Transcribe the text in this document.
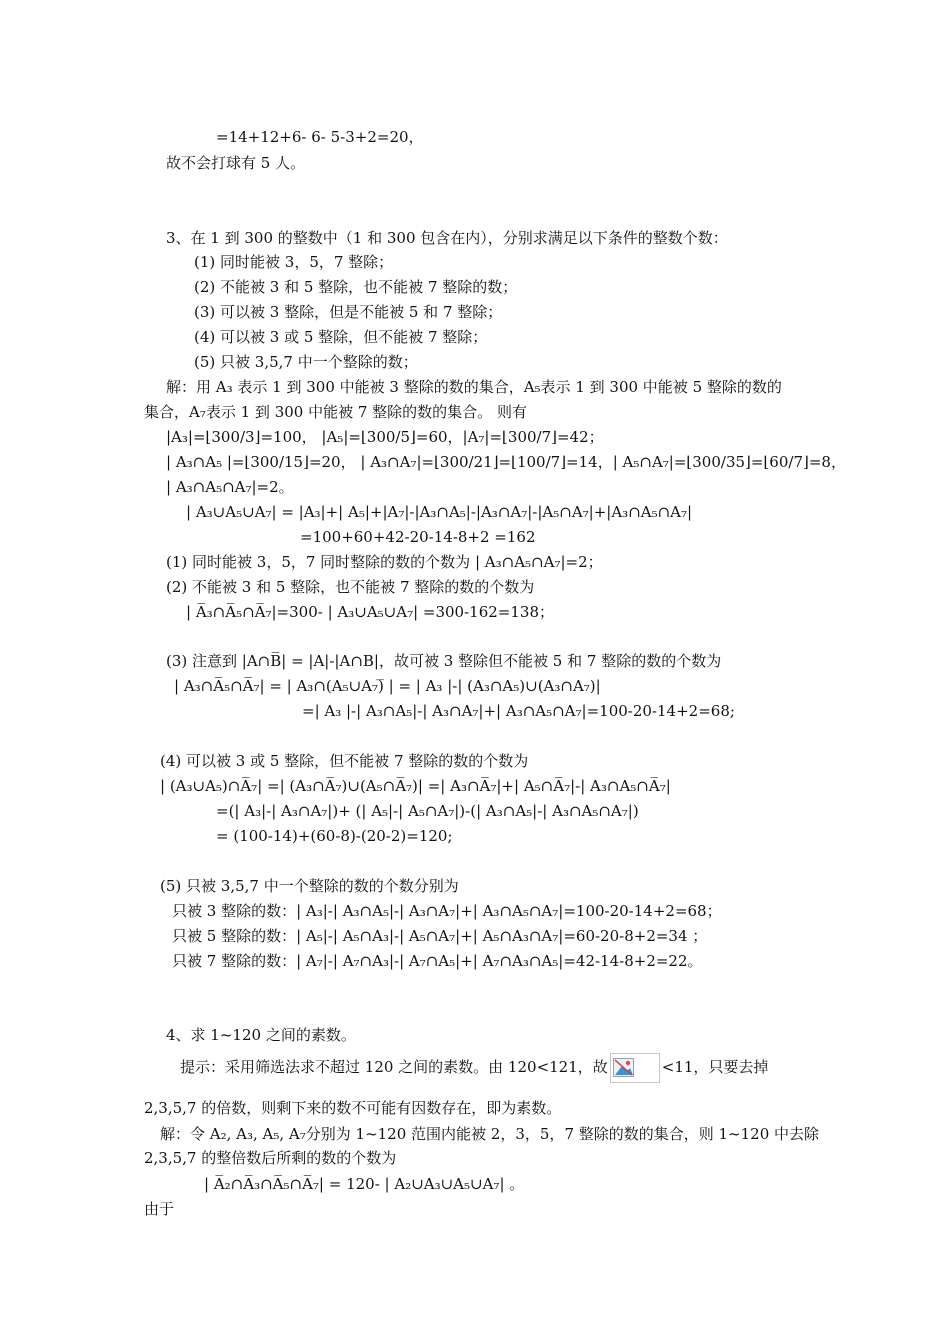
=14+12+6- 6- 5-3+2=20，
故不会打球有 5 人。
3、在 1 到 300 的整数中（1 和 300 包含在内），分别求满足以下条件的整数个数：
(1) 同时能被 3，5，7 整除；
(2) 不能被 3 和 5 整除，也不能被 7 整除的数；
(3) 可以被 3 整除，但是不能被 5 和 7 整除；
(4) 可以被 3 或 5 整除，但不能被 7 整除；
(5) 只被 3,5,7 中一个整除的数；
解：用 A₃ 表示 1 到 300 中能被 3 整除的数的集合，A₅表示 1 到 300 中能被 5 整除的数的
集合，A₇表示 1 到 300 中能被 7 整除的数的集合。 则有
|A₃|=⌊300/3⌋=100， |A₅|=⌊300/5⌋=60，|A₇|=⌊300/7⌋=42；
| A₃∩A₅ |=⌊300/15⌋=20， | A₃∩A₇|=⌊300/21⌋=⌊100/7⌋=14，| A₅∩A₇|=⌊300/35⌋=⌊60/7⌋=8，
| A₃∩A₅∩A₇|=2。
| A₃∪A₅∪A₇| = |A₃|+| A₅|+|A₇|-|A₃∩A₅|-|A₃∩A₇|-|A₅∩A₇|+|A₃∩A₅∩A₇|
=100+60+42-20-14-8+2 =162
(1) 同时能被 3，5，7 同时整除的数的个数为 | A₃∩A₅∩A₇|=2；
(2) 不能被 3 和 5 整除，也不能被 7 整除的数的个数为
| A̅₃∩A̅₅∩A̅₇|=300- | A₃∪A₅∪A₇| =300-162=138；
(3) 注意到 |A∩B̅| = |A|-|A∩B|，故可被 3 整除但不能被 5 和 7 整除的数的个数为
| A₃∩A̅₅∩A̅₇| = | A₃∩(A₅∪A₇)̅ | = | A₃ |-| (A₃∩A₅)∪(A₃∩A₇)|
=| A₃ |-| A₃∩A₅|-| A₃∩A₇|+| A₃∩A₅∩A₇|=100-20-14+2=68;
(4) 可以被 3 或 5 整除，但不能被 7 整除的数的个数为
| (A₃∪A₅)∩A̅₇| =| (A₃∩A̅₇)∪(A₅∩A̅₇)| =| A₃∩A̅₇|+| A₅∩A̅₇|-| A₃∩A₅∩A̅₇|
=(| A₃|-| A₃∩A₇|)+ (| A₅|-| A₅∩A₇|)-(| A₃∩A₅|-| A₃∩A₅∩A₇|)
= (100-14)+(60-8)-(20-2)=120;
(5) 只被 3,5,7 中一个整除的数的个数分别为
只被 3 整除的数：| A₃|-| A₃∩A₅|-| A₃∩A₇|+| A₃∩A₅∩A₇|=100-20-14+2=68；
只被 5 整除的数：| A₅|-| A₅∩A₃|-| A₅∩A₇|+| A₅∩A₃∩A₇|=60-20-8+2=34 ；
只被 7 整除的数：| A₇|-| A₇∩A₃|-| A₇∩A₅|+| A₇∩A₃∩A₅|=42-14-8+2=22。
4、求 1~120 之间的素数。
提示：采用筛选法求不超过 120 之间的素数。由 120<121，故	<11，只要去掉
2,3,5,7 的倍数，则剩下来的数不可能有因数存在，即为素数。
解：令 A₂, A₃, A₅, A₇分别为 1~120 范围内能被 2，3，5，7 整除的数的集合，则 1~120 中去除
2,3,5,7 的整倍数后所剩的数的个数为
| A̅₂∩A̅₃∩A̅₅∩A̅₇| = 120- | A₂∪A₃∪A₅∪A₇| 。
由于
